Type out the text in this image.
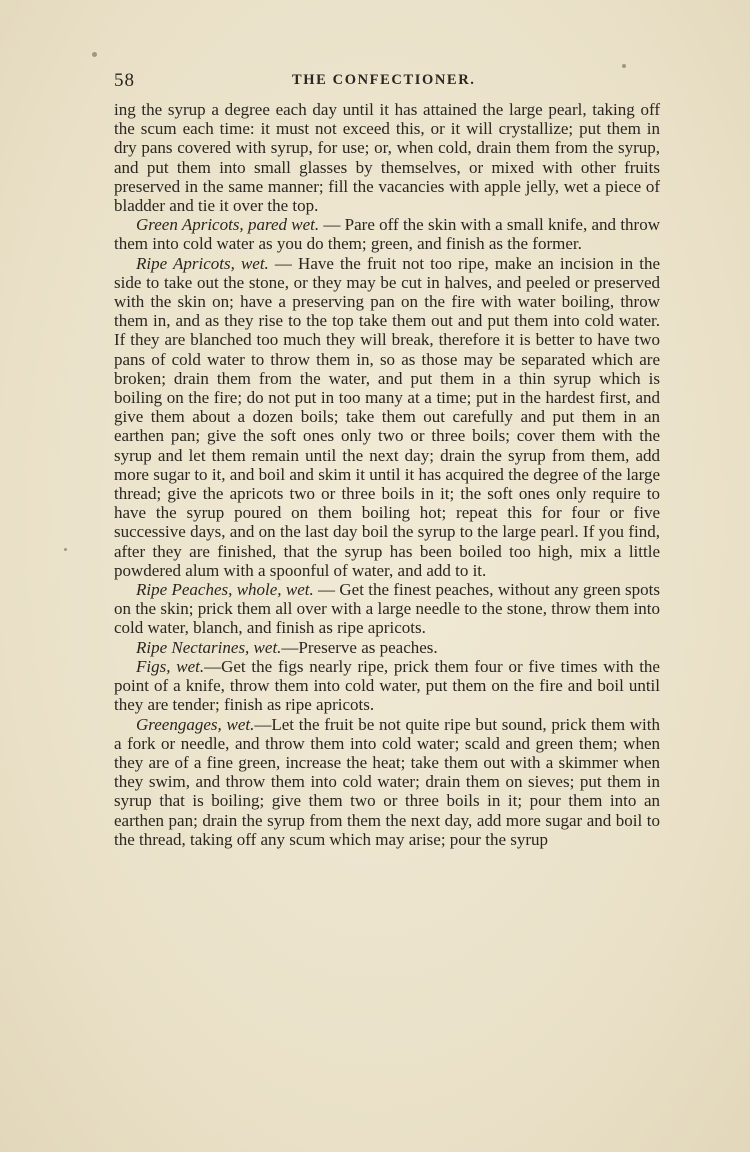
58	THE CONFECTIONER.

ing the syrup a degree each day until it has attained the large pearl, taking off the scum each time: it must not exceed this, or it will crystallize; put them in dry pans covered with syrup, for use; or, when cold, drain them from the syrup, and put them into small glasses by themselves, or mixed with other fruits preserved in the same manner; fill the vacancies with apple jelly, wet a piece of bladder and tie it over the top.

Green Apricots, pared wet. — Pare off the skin with a small knife, and throw them into cold water as you do them; green, and finish as the former.

Ripe Apricots, wet. — Have the fruit not too ripe, make an incision in the side to take out the stone, or they may be cut in halves, and peeled or preserved with the skin on; have a preserving pan on the fire with water boiling, throw them in, and as they rise to the top take them out and put them into cold water. If they are blanched too much they will break, therefore it is better to have two pans of cold water to throw them in, so as those may be separated which are broken; drain them from the water, and put them in a thin syrup which is boiling on the fire; do not put in too many at a time; put in the hardest first, and give them about a dozen boils; take them out carefully and put them in an earthen pan; give the soft ones only two or three boils; cover them with the syrup and let them remain until the next day; drain the syrup from them, add more sugar to it, and boil and skim it until it has acquired the degree of the large thread; give the apricots two or three boils in it; the soft ones only require to have the syrup poured on them boiling hot; repeat this for four or five successive days, and on the last day boil the syrup to the large pearl. If you find, after they are finished, that the syrup has been boiled too high, mix a little powdered alum with a spoonful of water, and add to it.

Ripe Peaches, whole, wet. — Get the finest peaches, without any green spots on the skin; prick them all over with a large needle to the stone, throw them into cold water, blanch, and finish as ripe apricots.

Ripe Nectarines, wet.—Preserve as peaches.

Figs, wet.—Get the figs nearly ripe, prick them four or five times with the point of a knife, throw them into cold water, put them on the fire and boil until they are tender; finish as ripe apricots.

Greengages, wet.—Let the fruit be not quite ripe but sound, prick them with a fork or needle, and throw them into cold water; scald and green them; when they are of a fine green, increase the heat; take them out with a skimmer when they swim, and throw them into cold water; drain them on sieves; put them in syrup that is boiling; give them two or three boils in it; pour them into an earthen pan; drain the syrup from them the next day, add more sugar and boil to the thread, taking off any scum which may arise; pour the syrup
